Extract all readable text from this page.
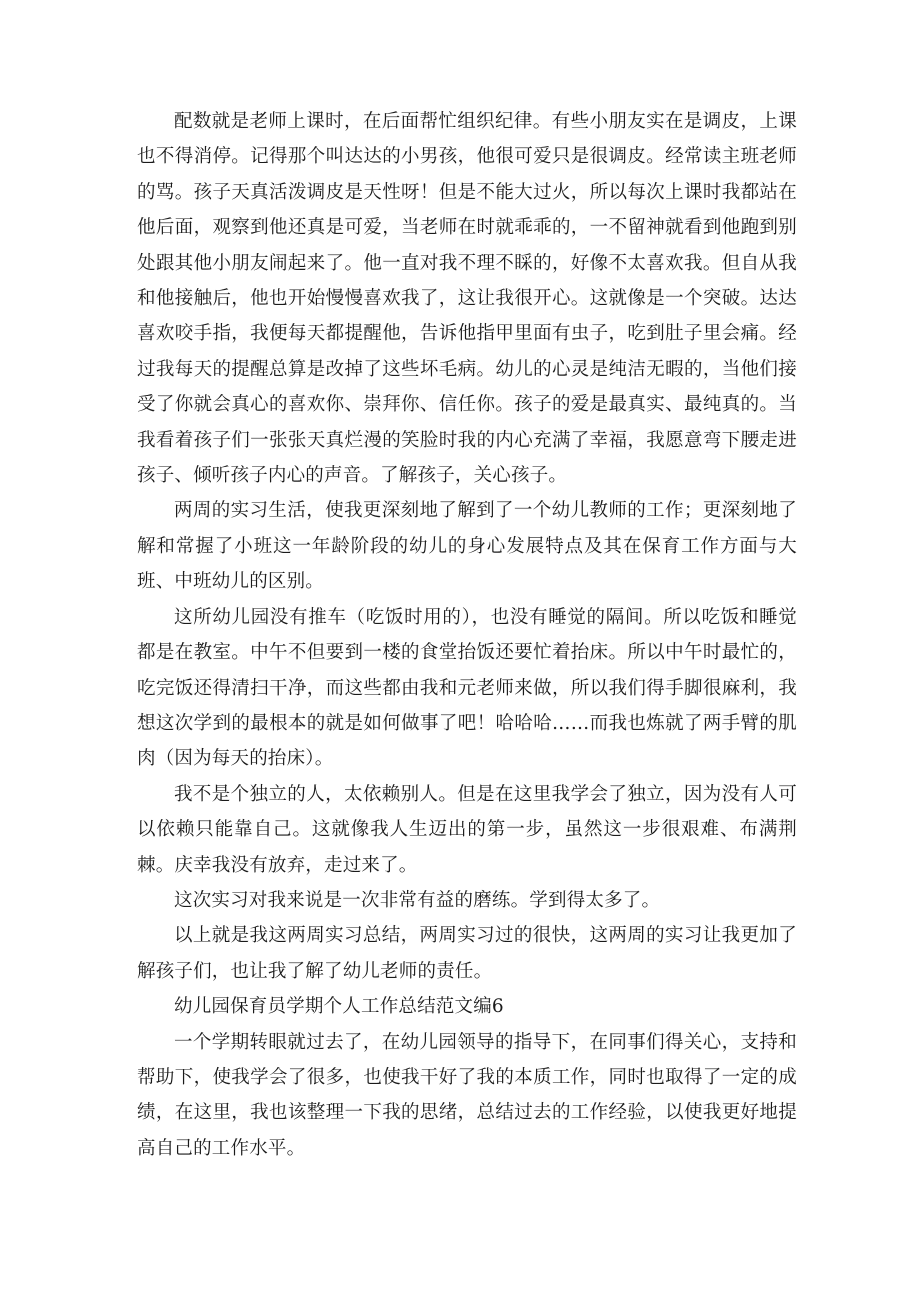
配数就是老师上课时，在后面帮忙组织纪律。有些小朋友实在是调皮，上课也不得消停。记得那个叫达达的小男孩，他很可爱只是很调皮。经常读主班老师的骂。孩子天真活泼调皮是天性呀！但是不能大过火，所以每次上课时我都站在他后面，观察到他还真是可爱，当老师在时就乖乖的，一不留神就看到他跑到别处跟其他小朋友闹起来了。他一直对我不理不睬的，好像不太喜欢我。但自从我和他接触后，他也开始慢慢喜欢我了，这让我很开心。这就像是一个突破。达达喜欢咬手指，我便每天都提醒他，告诉他指甲里面有虫子，吃到肚子里会痛。经过我每天的提醒总算是改掉了这些坏毛病。幼儿的心灵是纯洁无暇的，当他们接受了你就会真心的喜欢你、崇拜你、信任你。孩子的爱是最真实、最纯真的。当我看着孩子们一张张天真烂漫的笑脸时我的内心充满了幸福，我愿意弯下腰走进孩子、倾听孩子内心的声音。了解孩子，关心孩子。

两周的实习生活，使我更深刻地了解到了一个幼儿教师的工作；更深刻地了解和常握了小班这一年龄阶段的幼儿的身心发展特点及其在保育工作方面与大班、中班幼儿的区别。

这所幼儿园没有推车（吃饭时用的），也没有睡觉的隔间。所以吃饭和睡觉都是在教室。中午不但要到一楼的食堂抬饭还要忙着抬床。所以中午时最忙的，吃完饭还得清扫干净，而这些都由我和元老师来做，所以我们得手脚很麻利，我想这次学到的最根本的就是如何做事了吧！哈哈哈……而我也炼就了两手臂的肌肉（因为每天的抬床）。

我不是个独立的人，太依赖别人。但是在这里我学会了独立，因为没有人可以依赖只能靠自己。这就像我人生迈出的第一步，虽然这一步很艰难、布满荆棘。庆幸我没有放弃，走过来了。

这次实习对我来说是一次非常有益的磨练。学到得太多了。

以上就是我这两周实习总结，两周实习过的很快，这两周的实习让我更加了解孩子们，也让我了解了幼儿老师的责任。

幼儿园保育员学期个人工作总结范文编6

一个学期转眼就过去了，在幼儿园领导的指导下，在同事们得关心，支持和帮助下，使我学会了很多，也使我干好了我的本质工作，同时也取得了一定的成绩，在这里，我也该整理一下我的思绪，总结过去的工作经验，以使我更好地提高自己的工作水平。
